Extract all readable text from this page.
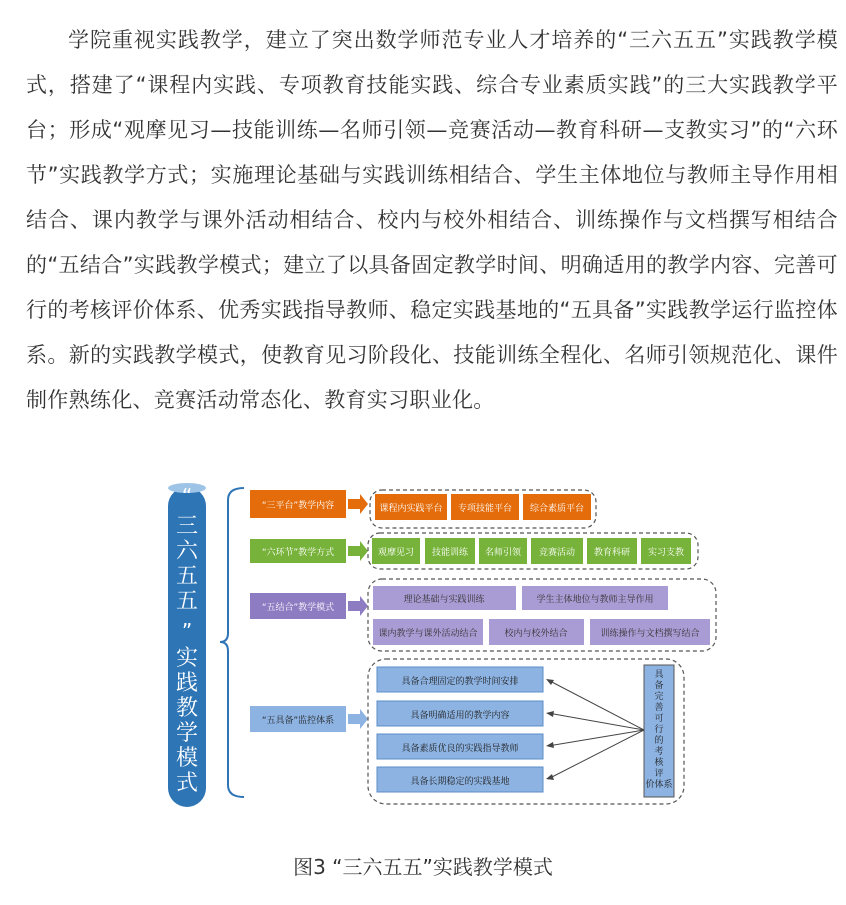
学院重视实践教学，建立了突出数学师范专业人才培养的“三六五五”实践教学模式，搭建了“课程内实践、专项教育技能实践、综合专业素质实践”的三大实践教学平台；形成“观摩见习—技能训练—名师引领—竞赛活动—教育科研—支教实习”的“六环节”实践教学方式；实施理论基础与实践训练相结合、学生主体地位与教师主导作用相结合、课内教学与课外活动相结合、校内与校外相结合、训练操作与文档撰写相结合的“五结合”实践教学模式；建立了以具备固定教学时间、明确适用的教学内容、完善可行的考核评价体系、优秀实践指导教师、稳定实践基地的“五具备”实践教学运行监控体系。新的实践教学模式，使教育见习阶段化、技能训练全程化、名师引领规范化、课件制作熟练化、竞赛活动常态化、教育实习职业化。
“
三
六
五
五
”
实
践
教
学
模
式
“三平台”教学内容	课程内实践平台 专项技能平台 综合素质平台
“六环节”教学方式	观摩见习 技能训练 名师引领 竞赛活动 教育科研 实习支教
“五结合”教学模式
理论基础与实践训练	学生主体地位与教师主导作用
课内教学与课外活动结合	校内与校外结合	训练操作与文档撰写结合
“五具备”监控体系
具备合理固定的教学时间安排
具备明确适用的教学内容
具备素质优良的实践指导教师
具备长期稳定的实践基地
具
备
完
善
可
行
的
考
核
评
价体系
图3 “三六五五”实践教学模式
